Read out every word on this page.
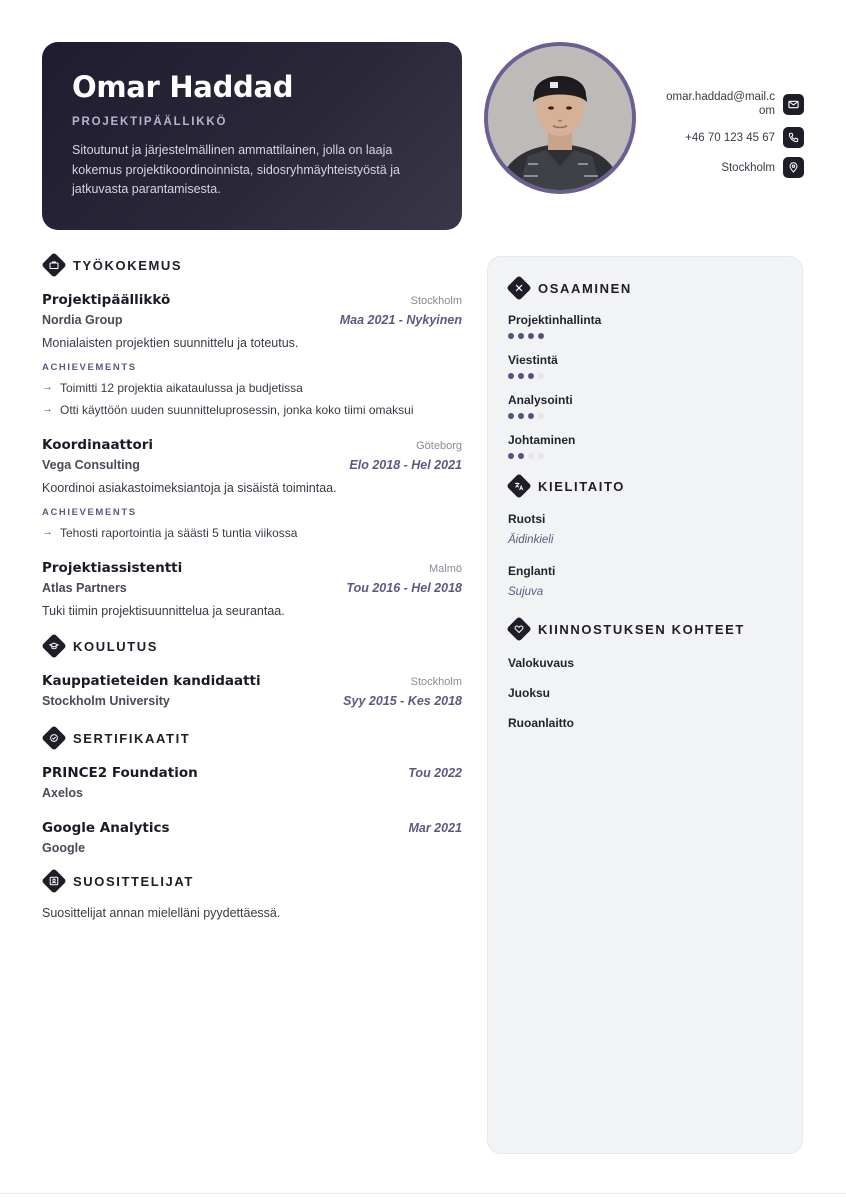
Omar Haddad
PROJEKTIPÄÄLLIKKÖ
Sitoutunut ja järjestelmällinen ammattilainen, jolla on laaja kokemus projektikoordinoinnista, sidosryhmäyhteistyöstä ja jatkuvasta parantamisesta.
omar.haddad@mail.com
+46 70 123 45 67
Stockholm
TYÖKOKEMUS
Projektipäällikkö	Stockholm
Nordia Group	Maa 2021 - Nykyinen
Monialaisten projektien suunnittelu ja toteutus.
ACHIEVEMENTS
→ Toimitti 12 projektia aikataulussa ja budjetissa
→ Otti käyttöön uuden suunnitteluprosessin, jonka koko tiimi omaksui
Koordinaattori	Göteborg
Vega Consulting	Elo 2018 - Hel 2021
Koordinoi asiakastoimeksiantoja ja sisäistä toimintaa.
ACHIEVEMENTS
→ Tehosti raportointia ja säästi 5 tuntia viikossa
Projektiassistentti	Malmö
Atlas Partners	Tou 2016 - Hel 2018
Tuki tiimin projektisuunnittelua ja seurantaa.
KOULUTUS
Kauppatieteiden kandidaatti	Stockholm
Stockholm University	Syy 2015 - Kes 2018
SERTIFIKAATIT
PRINCE2 Foundation	Tou 2022
Axelos
Google Analytics	Mar 2021
Google
SUOSITTELIJAT
Suosittelijat annan mielelläni pyydettäessä.
OSAAMINEN
Projektinhallinta
Viestintä
Analysointi
Johtaminen
KIELITAITO
Ruotsi
Äidinkieli
Englanti
Sujuva
KIINNOSTUKSEN KOHTEET
Valokuvaus
Juoksu
Ruoanlaitto
